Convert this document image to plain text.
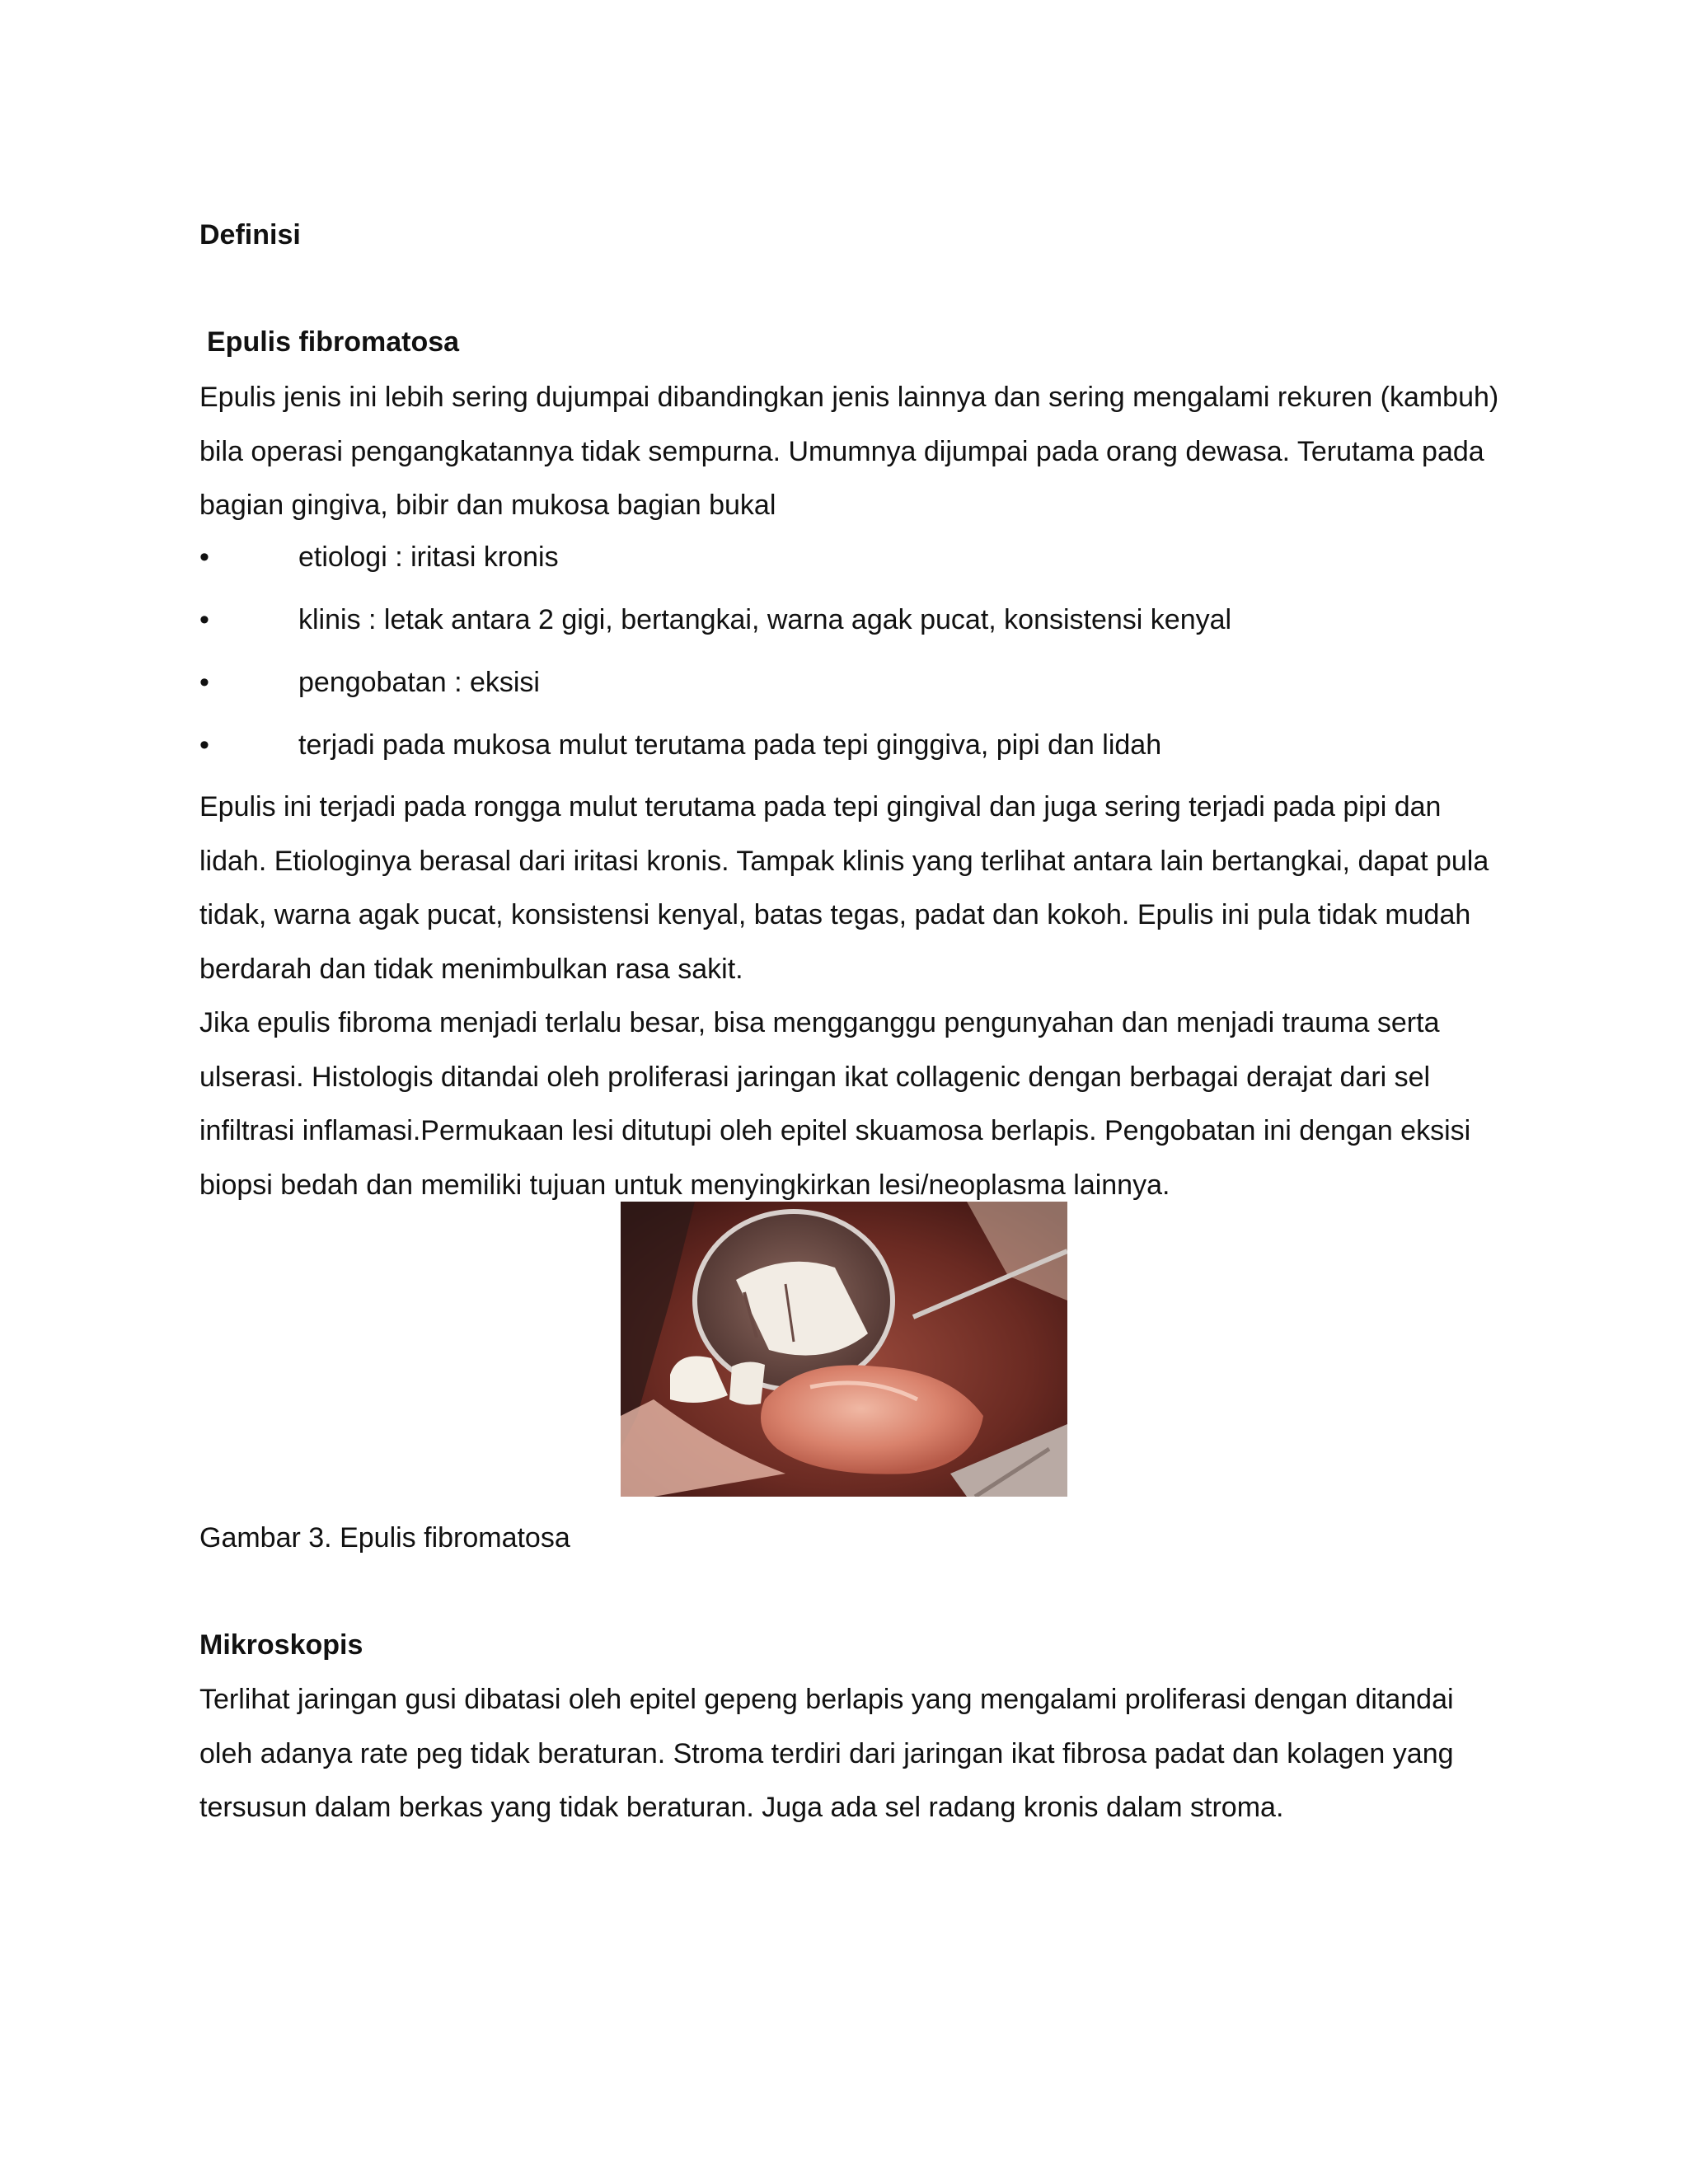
Definisi
Epulis fibromatosa

Epulis jenis ini lebih sering dujumpai dibandingkan jenis lainnya dan sering mengalami rekuren (kambuh)

bila operasi pengangkatannya tidak sempurna. Umumnya dijumpai pada orang dewasa. Terutama pada

bagian gingiva, bibir dan mukosa bagian bukal

•	etiologi : iritasi kronis
•	klinis : letak antara 2 gigi, bertangkai, warna agak pucat, konsistensi kenyal
•	pengobatan : eksisi
•	terjadi pada mukosa mulut terutama pada tepi ginggiva, pipi dan lidah

Epulis ini terjadi pada rongga mulut terutama pada tepi gingival dan juga sering terjadi pada pipi dan

lidah. Etiologinya berasal dari iritasi kronis. Tampak klinis yang terlihat antara lain bertangkai, dapat pula

tidak, warna agak pucat, konsistensi kenyal, batas tegas, padat dan kokoh. Epulis ini pula tidak mudah

berdarah dan tidak menimbulkan rasa sakit.

Jika epulis fibroma menjadi terlalu besar, bisa mengganggu pengunyahan dan menjadi trauma serta

ulserasi. Histologis ditandai oleh proliferasi jaringan ikat collagenic dengan berbagai derajat dari sel

infiltrasi inflamasi.Permukaan lesi ditutupi oleh epitel skuamosa berlapis. Pengobatan ini dengan eksisi

biopsi bedah dan memiliki tujuan untuk menyingkirkan lesi/neoplasma lainnya.

Gambar 3. Epulis fibromatosa
Mikroskopis

Terlihat jaringan gusi dibatasi oleh epitel gepeng berlapis yang mengalami proliferasi dengan ditandai

oleh adanya rate peg tidak beraturan. Stroma terdiri dari jaringan ikat fibrosa padat dan kolagen yang

tersusun dalam berkas yang tidak beraturan. Juga ada sel radang kronis dalam stroma.
